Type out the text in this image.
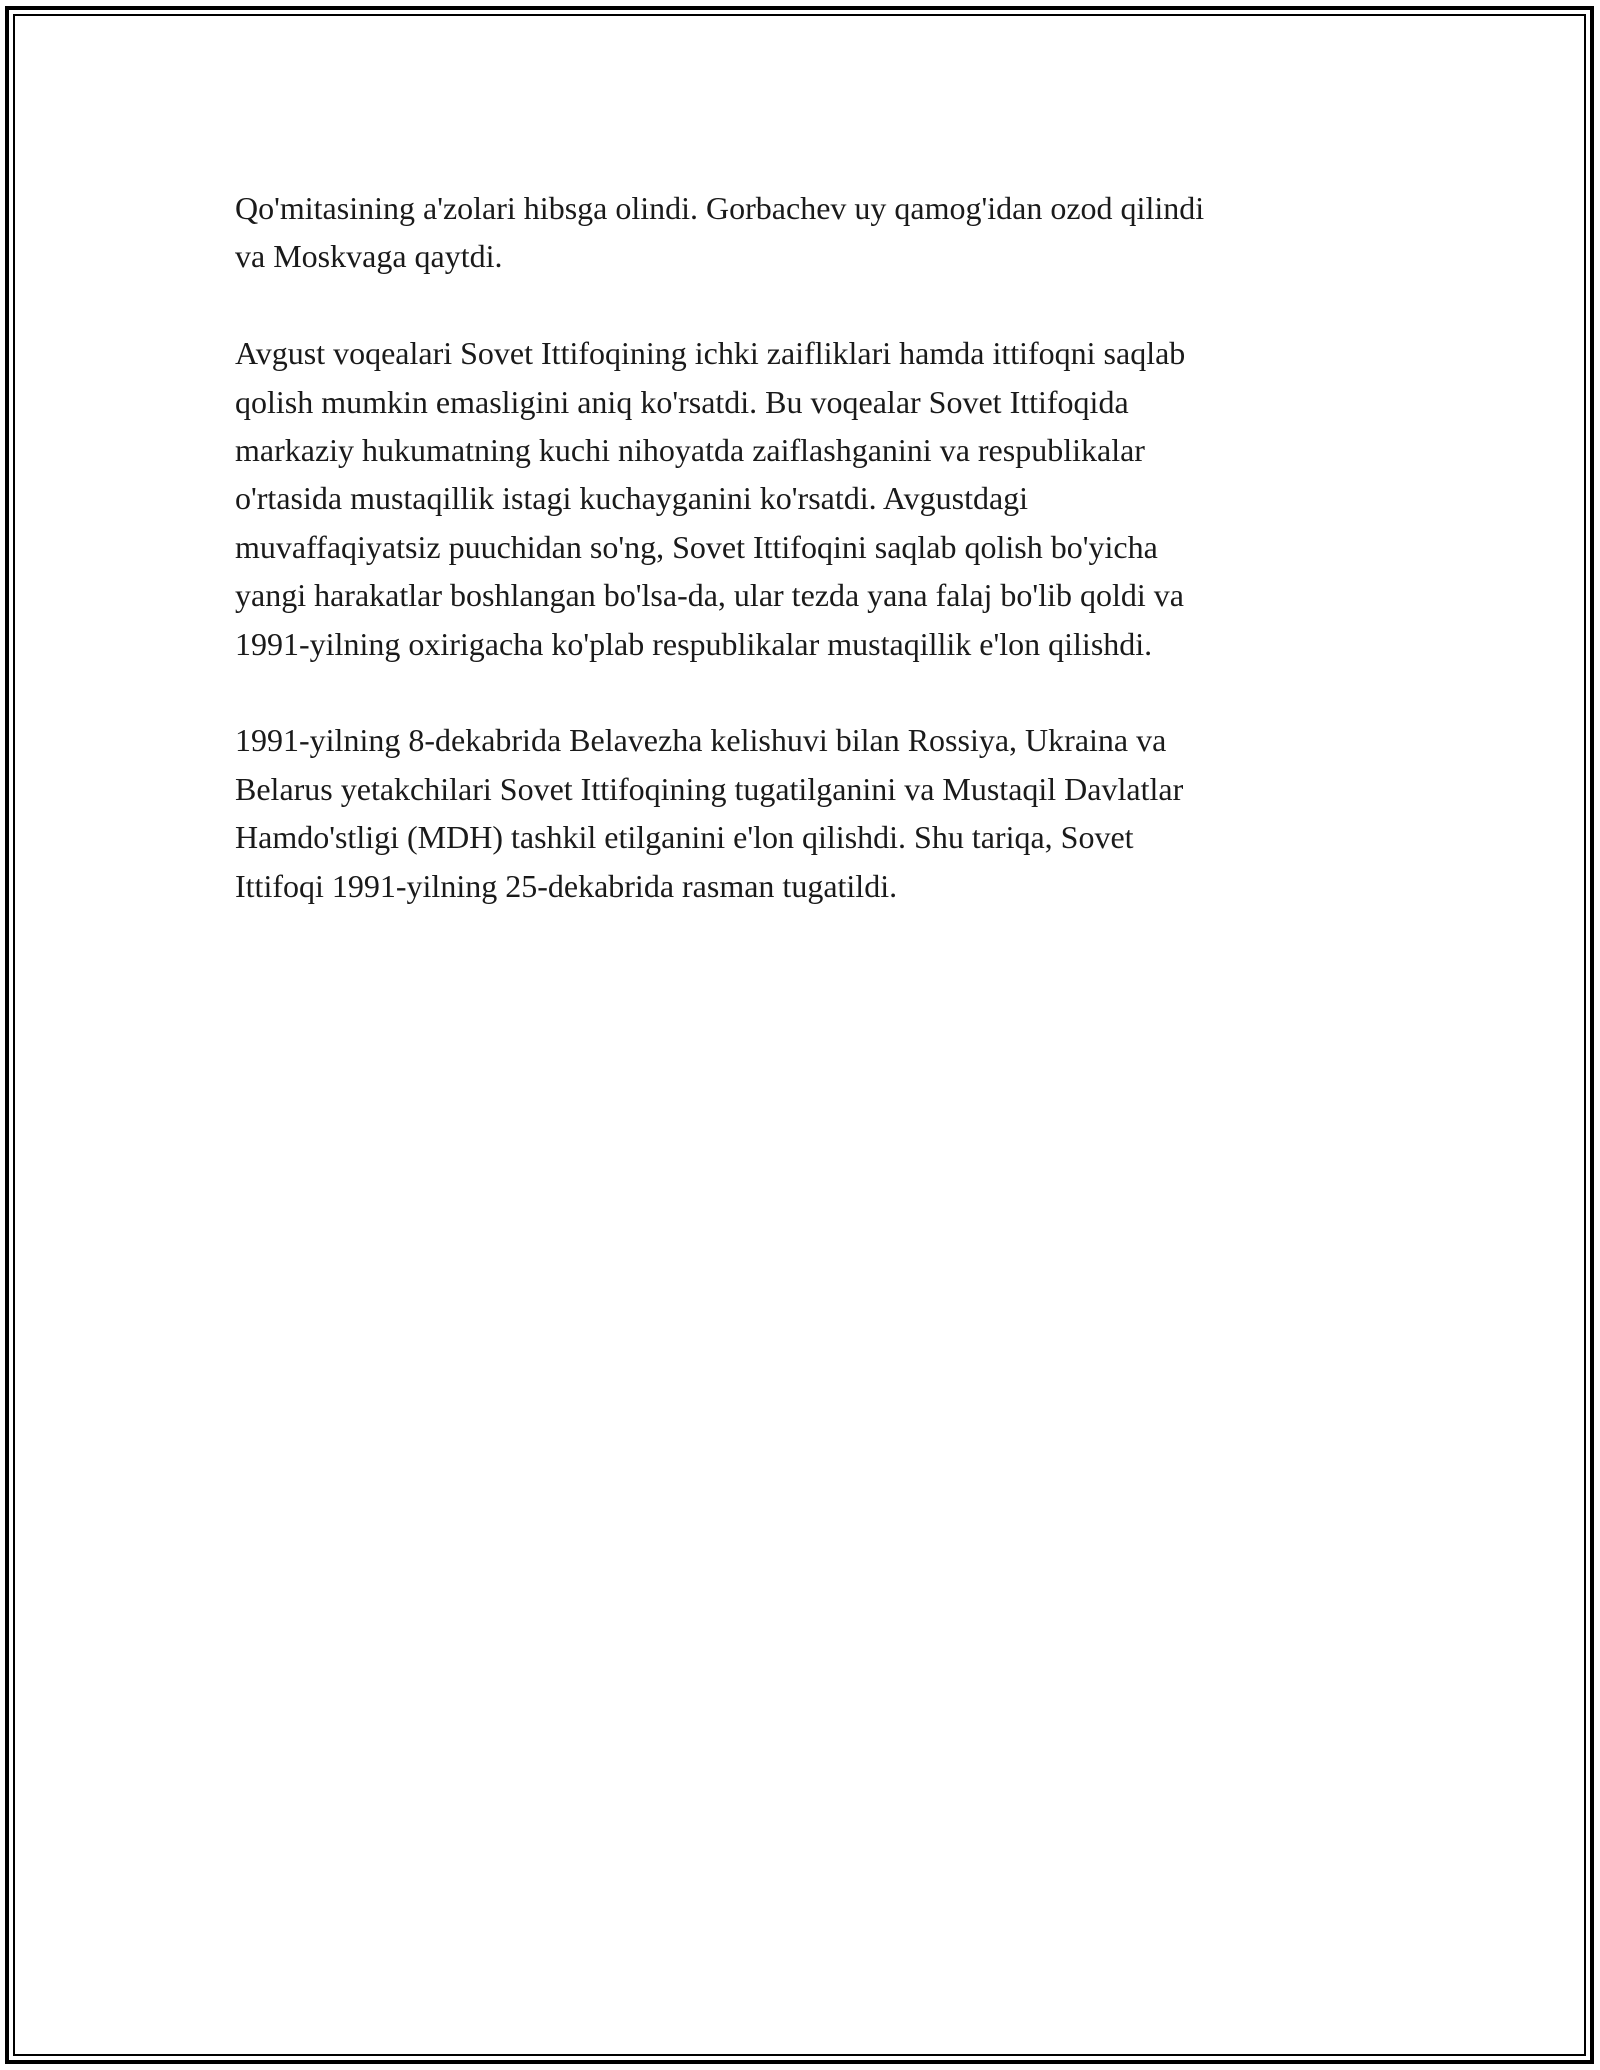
Qo'mitasining a'zolari hibsga olindi. Gorbachev uy qamog'idan ozod qilindi
va Moskvaga qaytdi.

Avgust voqealari Sovet Ittifoqining ichki zaifliklari hamda ittifoqni saqlab
qolish mumkin emasligini aniq ko'rsatdi. Bu voqealar Sovet Ittifoqida
markaziy hukumatning kuchi nihoyatda zaiflashganini va respublikalar
o'rtasida mustaqillik istagi kuchayganini ko'rsatdi. Avgustdagi
muvaffaqiyatsiz puuchidan so'ng, Sovet Ittifoqini saqlab qolish bo'yicha
yangi harakatlar boshlangan bo'lsa-da, ular tezda yana falaj bo'lib qoldi va
1991-yilning oxirigacha ko'plab respublikalar mustaqillik e'lon qilishdi.

1991-yilning 8-dekabrida Belavezha kelishuvi bilan Rossiya, Ukraina va
Belarus yetakchilari Sovet Ittifoqining tugatilganini va Mustaqil Davlatlar
Hamdo'stligi (MDH) tashkil etilganini e'lon qilishdi. Shu tariqa, Sovet
Ittifoqi 1991-yilning 25-dekabrida rasman tugatildi.
